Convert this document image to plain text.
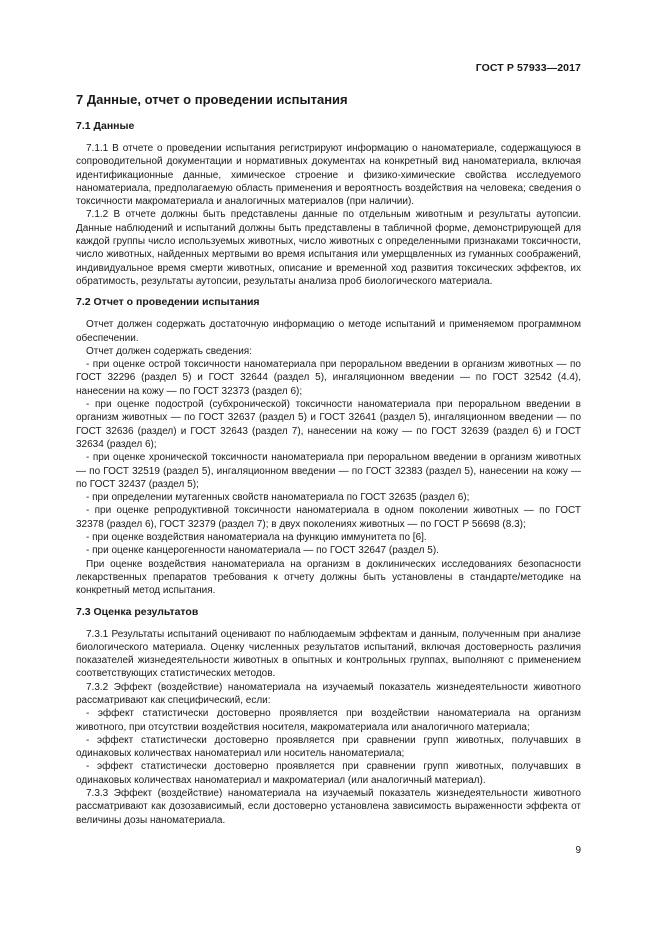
ГОСТ Р 57933—2017
7 Данные, отчет о проведении испытания
7.1 Данные

7.1.1 В отчете о проведении испытания регистрируют информацию о наноматериале, содержащуюся в сопроводительной документации и нормативных документах на конкретный вид наноматериала, включая идентификационные данные, химическое строение и физико-химические свойства исследуемого наноматериала, предполагаемую область применения и вероятность воздействия на человека; сведения о токсичности макроматериала и аналогичных материалов (при наличии).

7.1.2 В отчете должны быть представлены данные по отдельным животным и результаты аутопсии. Данные наблюдений и испытаний должны быть представлены в табличной форме, демонстрирующей для каждой группы число используемых животных, число животных с определенными признаками токсичности, число животных, найденных мертвыми во время испытания или умерщвленных из гуманных соображений, индивидуальное время смерти животных, описание и временной ход развития токсических эффектов, их обратимость, результаты аутопсии, результаты анализа проб биологического материала.

7.2 Отчет о проведении испытания

Отчет должен содержать достаточную информацию о методе испытаний и применяемом программном обеспечении.

Отчет должен содержать сведения:

- при оценке острой токсичности наноматериала при пероральном введении в организм животных — по ГОСТ 32296 (раздел 5) и ГОСТ 32644 (раздел 5), ингаляционном введении — по ГОСТ 32542 (4.4), нанесении на кожу — по ГОСТ 32373 (раздел 6);

- при оценке подострой (субхронической) токсичности наноматериала при пероральном введении в организм животных — по ГОСТ 32637 (раздел 5) и ГОСТ 32641 (раздел 5), ингаляционном введении — по ГОСТ 32636 (раздел) и ГОСТ 32643 (раздел 7), нанесении на кожу — по ГОСТ 32639 (раздел 6) и ГОСТ 32634 (раздел 6);

- при оценке хронической токсичности наноматериала при пероральном введении в организм животных — по ГОСТ 32519 (раздел 5), ингаляционном введении — по ГОСТ 32383 (раздел 5), нанесении на кожу — по ГОСТ 32437 (раздел 5);

- при определении мутагенных свойств наноматериала по ГОСТ 32635 (раздел 6);

- при оценке репродуктивной токсичности наноматериала в одном поколении животных — по ГОСТ 32378 (раздел 6), ГОСТ 32379 (раздел 7); в двух поколениях животных — по ГОСТ Р 56698 (8.3);

- при оценке воздействия наноматериала на функцию иммунитета по [6].

- при оценке канцерогенности наноматериала — по ГОСТ 32647 (раздел 5).

При оценке воздействия наноматериала на организм в доклинических исследованиях безопасности лекарственных препаратов требования к отчету должны быть установлены в стандарте/методике на конкретный метод испытания.

7.3 Оценка результатов

7.3.1 Результаты испытаний оценивают по наблюдаемым эффектам и данным, полученным при анализе биологического материала. Оценку численных результатов испытаний, включая достоверность различия показателей жизнедеятельности животных в опытных и контрольных группах, выполняют с применением соответствующих статистических методов.

7.3.2 Эффект (воздействие) наноматериала на изучаемый показатель жизнедеятельности животного рассматривают как специфический, если:

- эффект статистически достоверно проявляется при воздействии наноматериала на организм животного, при отсутствии воздействия носителя, макроматериала или аналогичного материала;

- эффект статистически достоверно проявляется при сравнении групп животных, получавших в одинаковых количествах наноматериал или носитель наноматериала;

- эффект статистически достоверно проявляется при сравнении групп животных, получавших в одинаковых количествах наноматериал и макроматериал (или аналогичный материал).

7.3.3 Эффект (воздействие) наноматериала на изучаемый показатель жизнедеятельности животного рассматривают как дозозависимый, если достоверно установлена зависимость выраженности эффекта от величины дозы наноматериала.

9
